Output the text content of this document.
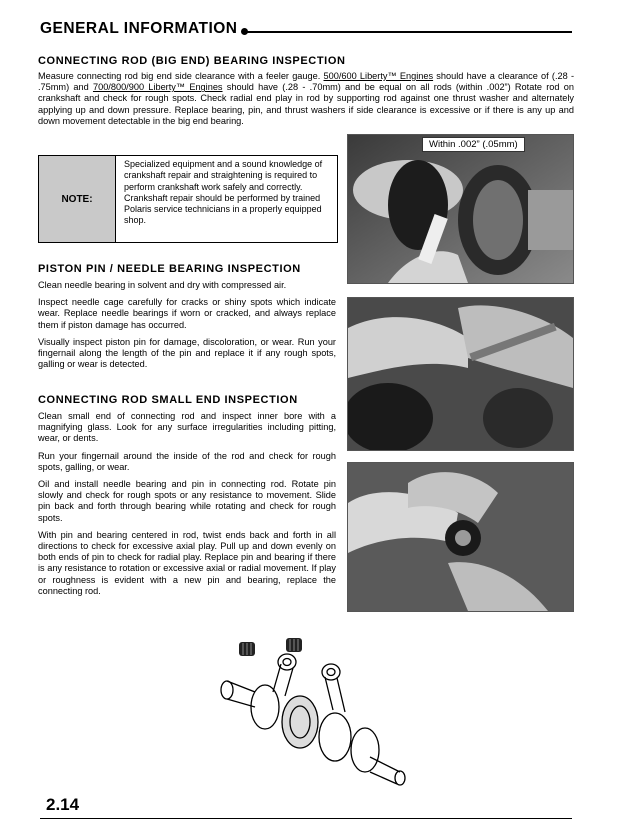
GENERAL INFORMATION
CONNECTING ROD (BIG END) BEARING INSPECTION
Measure connecting rod big end side clearance with a feeler gauge. 500/600 Liberty™ Engines should have a clearance of (.28 - .75mm) and 700/800/900 Liberty™ Engines should have (.28 - .70mm) and be equal on all rods (within .002”) Rotate rod on crankshaft and check for rough spots. Check radial end play in rod by supporting rod against one thrust washer and alternately applying up and down pressure. Replace bearing, pin, and thrust washers if side clearance is excessive or if there is any up and down movement detectable in the big end bearing.
NOTE:
Specialized equipment and a sound knowledge of crankshaft repair and straightening is required to perform crankshaft work safely and correctly. Crankshaft repair should be performed by trained Polaris service technicians in a properly equipped shop.
PISTON PIN / NEEDLE BEARING INSPECTION
Clean needle bearing in solvent and dry with compressed air.
Inspect needle cage carefully for cracks or shiny spots which indicate wear. Replace needle bearings if worn or cracked, and always replace them if piston damage has occurred.
Visually inspect piston pin for damage, discoloration, or wear. Run your fingernail along the length of the pin and replace it if any rough spots, galling or wear is detected.
CONNECTING ROD SMALL END INSPECTION
Clean small end of connecting rod and inspect inner bore with a magnifying glass. Look for any surface irregularities including pitting, wear, or dents.
Run your fingernail around the inside of the rod and check for rough spots, galling, or wear.
Oil and install needle bearing and pin in connecting rod. Rotate pin slowly and check for rough spots or any resistance to movement. Slide pin back and forth through bearing while rotating and check for rough spots.
With pin and bearing centered in rod, twist ends back and forth in all directions to check for excessive axial play. Pull up and down evenly on both ends of pin to check for radial play. Replace pin and bearing if there is any resistance to rotation or excessive axial or radial movement. If play or roughness is evident with a new pin and bearing, replace the connecting rod.
Within .002” (.05mm)
2.14
